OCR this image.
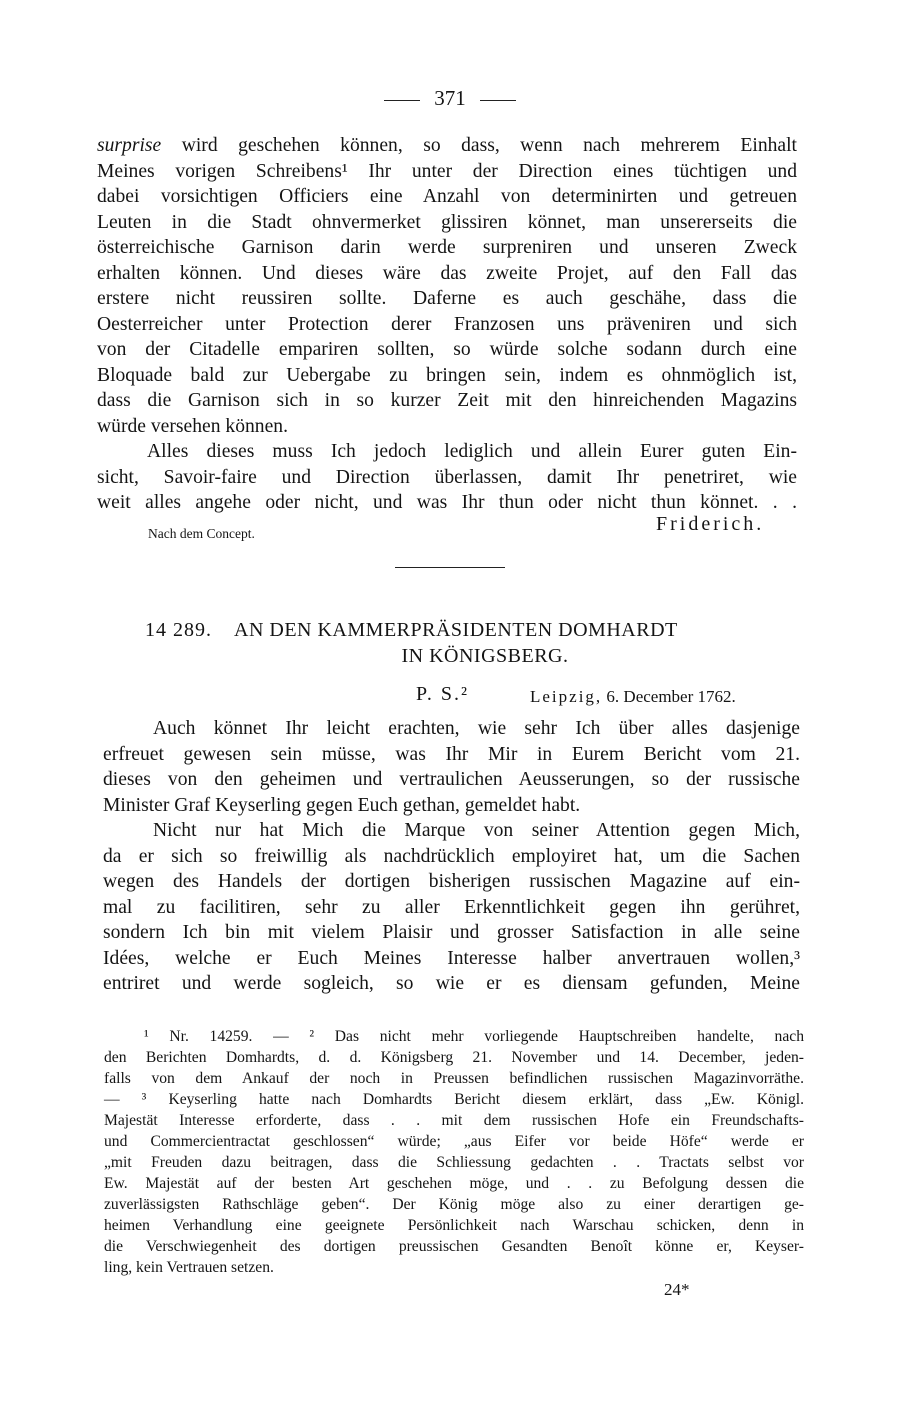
371
surprise wird geschehen können, so dass, wenn nach mehrerem Einhalt
Meines vorigen Schreibens¹ Ihr unter der Direction eines tüchtigen und
dabei vorsichtigen Officiers eine Anzahl von determinirten und getreuen
Leuten in die Stadt ohnvermerket glissiren könnet, man unsererseits die
österreichische Garnison darin werde surpreniren und unseren Zweck
erhalten können. Und dieses wäre das zweite Projet, auf den Fall das
erstere nicht reussiren sollte. Daferne es auch geschähe, dass die
Oesterreicher unter Protection derer Franzosen uns präveniren und sich
von der Citadelle empariren sollten, so würde solche sodann durch eine
Bloquade bald zur Uebergabe zu bringen sein, indem es ohnmöglich ist,
dass die Garnison sich in so kurzer Zeit mit den hinreichenden Magazins
würde versehen können.
Alles dieses muss Ich jedoch lediglich und allein Eurer guten Ein-
sicht, Savoir-faire und Direction überlassen, damit Ihr penetriret, wie
weit alles angehe oder nicht, und was Ihr thun oder nicht thun könnet. . .
Nach dem Concept.	Friderich.
14 289. AN DEN KAMMERPRÄSIDENTEN DOMHARDT
IN KÖNIGSBERG.
P. S.²	Leipzig, 6. December 1762.
Auch könnet Ihr leicht erachten, wie sehr Ich über alles dasjenige
erfreuet gewesen sein müsse, was Ihr Mir in Eurem Bericht vom 21.
dieses von den geheimen und vertraulichen Aeusserungen, so der russische
Minister Graf Keyserling gegen Euch gethan, gemeldet habt.
Nicht nur hat Mich die Marque von seiner Attention gegen Mich,
da er sich so freiwillig als nachdrücklich employiret hat, um die Sachen
wegen des Handels der dortigen bisherigen russischen Magazine auf ein-
mal zu facilitiren, sehr zu aller Erkenntlichkeit gegen ihn gerühret,
sondern Ich bin mit vielem Plaisir und grosser Satisfaction in alle seine
Idées, welche er Euch Meines Interesse halber anvertrauen wollen,³
entriret und werde sogleich, so wie er es diensam gefunden, Meine
¹ Nr. 14259. — ² Das nicht mehr vorliegende Hauptschreiben handelte, nach
den Berichten Domhardts, d. d. Königsberg 21. November und 14. December, jeden-
falls von dem Ankauf der noch in Preussen befindlichen russischen Magazinvorräthe.
— ³ Keyserling hatte nach Domhardts Bericht diesem erklärt, dass „Ew. Königl.
Majestät Interesse erforderte, dass . . mit dem russischen Hofe ein Freundschafts-
und Commercientractat geschlossen“ würde; „aus Eifer vor beide Höfe“ werde er
„mit Freuden dazu beitragen, dass die Schliessung gedachten . . Tractats selbst vor
Ew. Majestät auf der besten Art geschehen möge, und . . zu Befolgung dessen die
zuverlässigsten Rathschläge geben“. Der König möge also zu einer derartigen ge-
heimen Verhandlung eine geeignete Persönlichkeit nach Warschau schicken, denn in
die Verschwiegenheit des dortigen preussischen Gesandten Benoît könne er, Keyser-
ling, kein Vertrauen setzen.
24*
